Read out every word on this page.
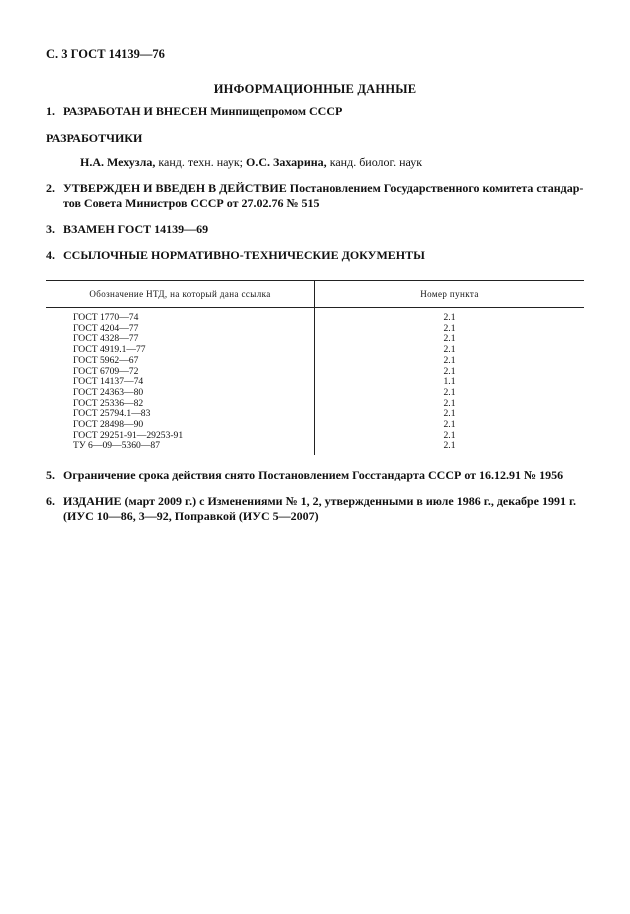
С. 3 ГОСТ 14139—76
ИНФОРМАЦИОННЫЕ ДАННЫЕ
1. РАЗРАБОТАН И ВНЕСЕН Минпищепромом СССР
РАЗРАБОТЧИКИ
Н.А. Мехузла, канд. техн. наук; О.С. Захарина, канд. биолог. наук
2. УТВЕРЖДЕН И ВВЕДЕН В ДЕЙСТВИЕ Постановлением Государственного комитета стандар-
тов Совета Министров СССР от 27.02.76 № 515
3. ВЗАМЕН ГОСТ 14139—69
4. ССЫЛОЧНЫЕ НОРМАТИВНО-ТЕХНИЧЕСКИЕ ДОКУМЕНТЫ
Обозначение НТД, на который дана ссылка	Номер пункта
ГОСТ 1770—74	2.1
ГОСТ 4204—77	2.1
ГОСТ 4328—77	2.1
ГОСТ 4919.1—77	2.1
ГОСТ 5962—67	2.1
ГОСТ 6709—72	2.1
ГОСТ 14137—74	1.1
ГОСТ 24363—80	2.1
ГОСТ 25336—82	2.1
ГОСТ 25794.1—83	2.1
ГОСТ 28498—90	2.1
ГОСТ 29251-91—29253-91	2.1
ТУ 6—09—5360—87	2.1
5. Ограничение срока действия снято Постановлением Госстандарта СССР от 16.12.91 № 1956
6. ИЗДАНИЕ (март 2009 г.) с Изменениями № 1, 2, утвержденными в июле 1986 г., декабре 1991 г.
(ИУС 10—86, 3—92, Поправкой (ИУС 5—2007)
